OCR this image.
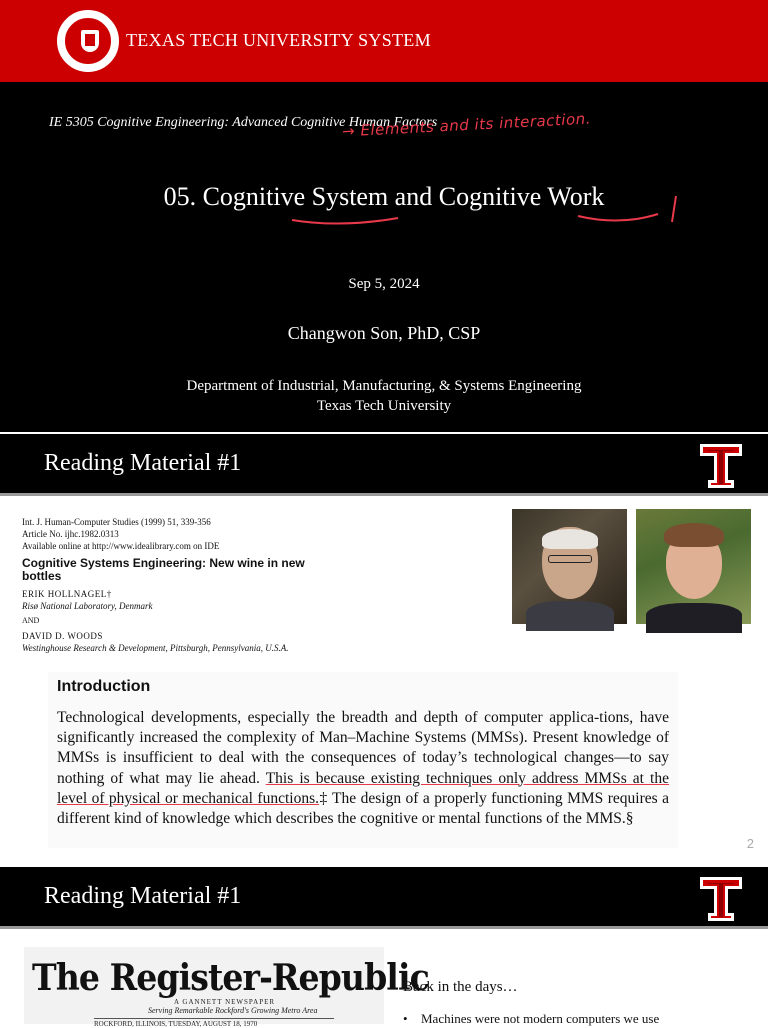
TEXAS TECH UNIVERSITY SYSTEM
IE 5305 Cognitive Engineering: Advanced Cognitive Human Factors
05. Cognitive System and Cognitive Work
Sep 5, 2024
Changwon Son, PhD, CSP
Department of Industrial, Manufacturing, & Systems Engineering
Texas Tech University
→ Elements and its interaction.
Reading Material #1
Int. J. Human-Computer Studies (1999) 51, 339-356
Article No. ijhc.1982.0313
Available online at http://www.idealibrary.com on IDE
Cognitive Systems Engineering: New wine in new bottles
ERIK HOLLNAGEL†
Risø National Laboratory, Denmark
AND
DAVID D. WOODS
Westinghouse Research & Development, Pittsburgh, Pennsylvania, U.S.A.
Introduction
Technological developments, especially the breadth and depth of computer applica-tions, have significantly increased the complexity of Man–Machine Systems (MMSs). Present knowledge of MMSs is insufficient to deal with the consequences of today’s technological changes—to say nothing of what may lie ahead. This is because existing techniques only address MMSs at the level of physical or mechanical functions.‡ The design of a properly functioning MMS requires a different kind of knowledge which describes the cognitive or mental functions of the MMS.§
2
Reading Material #1
The Register-Republic
A GANNETT NEWSPAPER
Serving Remarkable Rockford's Growing Metro Area
ROCKFORD, ILLINOIS, TUESDAY, AUGUST 18, 1970
Back in the days…
• Machines were not modern computers we use
